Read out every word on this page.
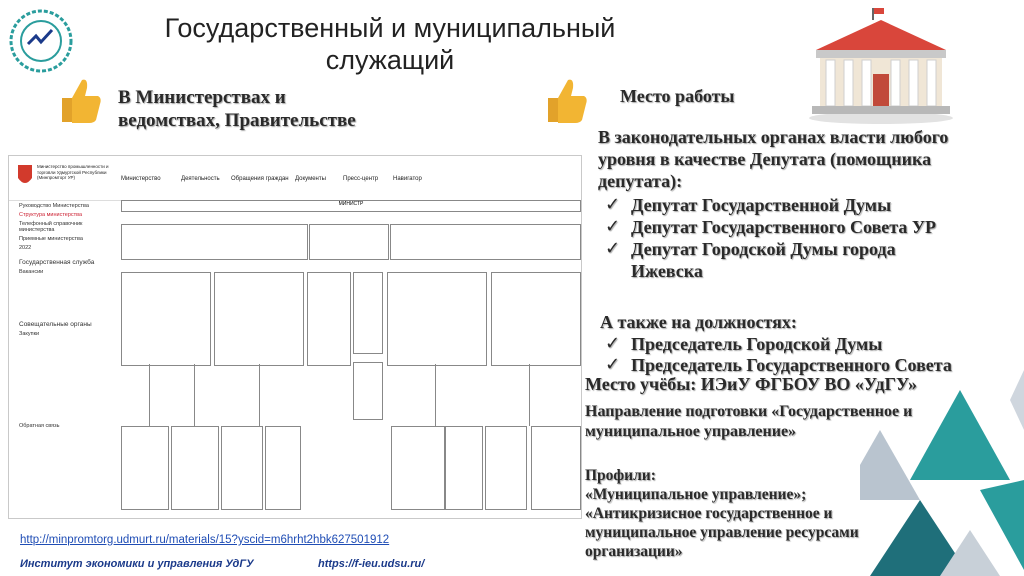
Государственный и муниципальный
служащий
В Министерствах и
ведомствах, Правительстве
Место работы
В законодательных органах власти любого
уровня в качестве Депутата (помощника
депутата):
✓ Депутат Государственной Думы
✓ Депутат Государственного Совета УР
✓ Депутат Городской Думы города
Ижевска
А также на должностях:
✓ Председатель Городской Думы
✓ Председатель Государственного Совета
Место учёбы: ИЭиУ ФГБОУ ВО «УдГУ»
Направление подготовки «Государственное и
муниципальное управление»
Профили:
«Муниципальное управление»;
«Антикризисное государственное и
муниципальное управление ресурсами
организации»
Министерство промышленности и торговли Удмуртской Республики (Минпромторг УР)	Министерство	Деятельность Обращения граждан Документы	Пресс-центр Навигатор
Руководство Министерства
Структура министерства
Телефонный справочник министерства
Приемные министерства
2022
Государственная служба
Вакансии
Совещательные органы
Закупки
Обратная связь
МИНИСТР
http://minpromtorg.udmurt.ru/materials/15?yscid=m6hrht2hbk627501912
Институт экономики и управления УдГУ	https://f-ieu.udsu.ru/
